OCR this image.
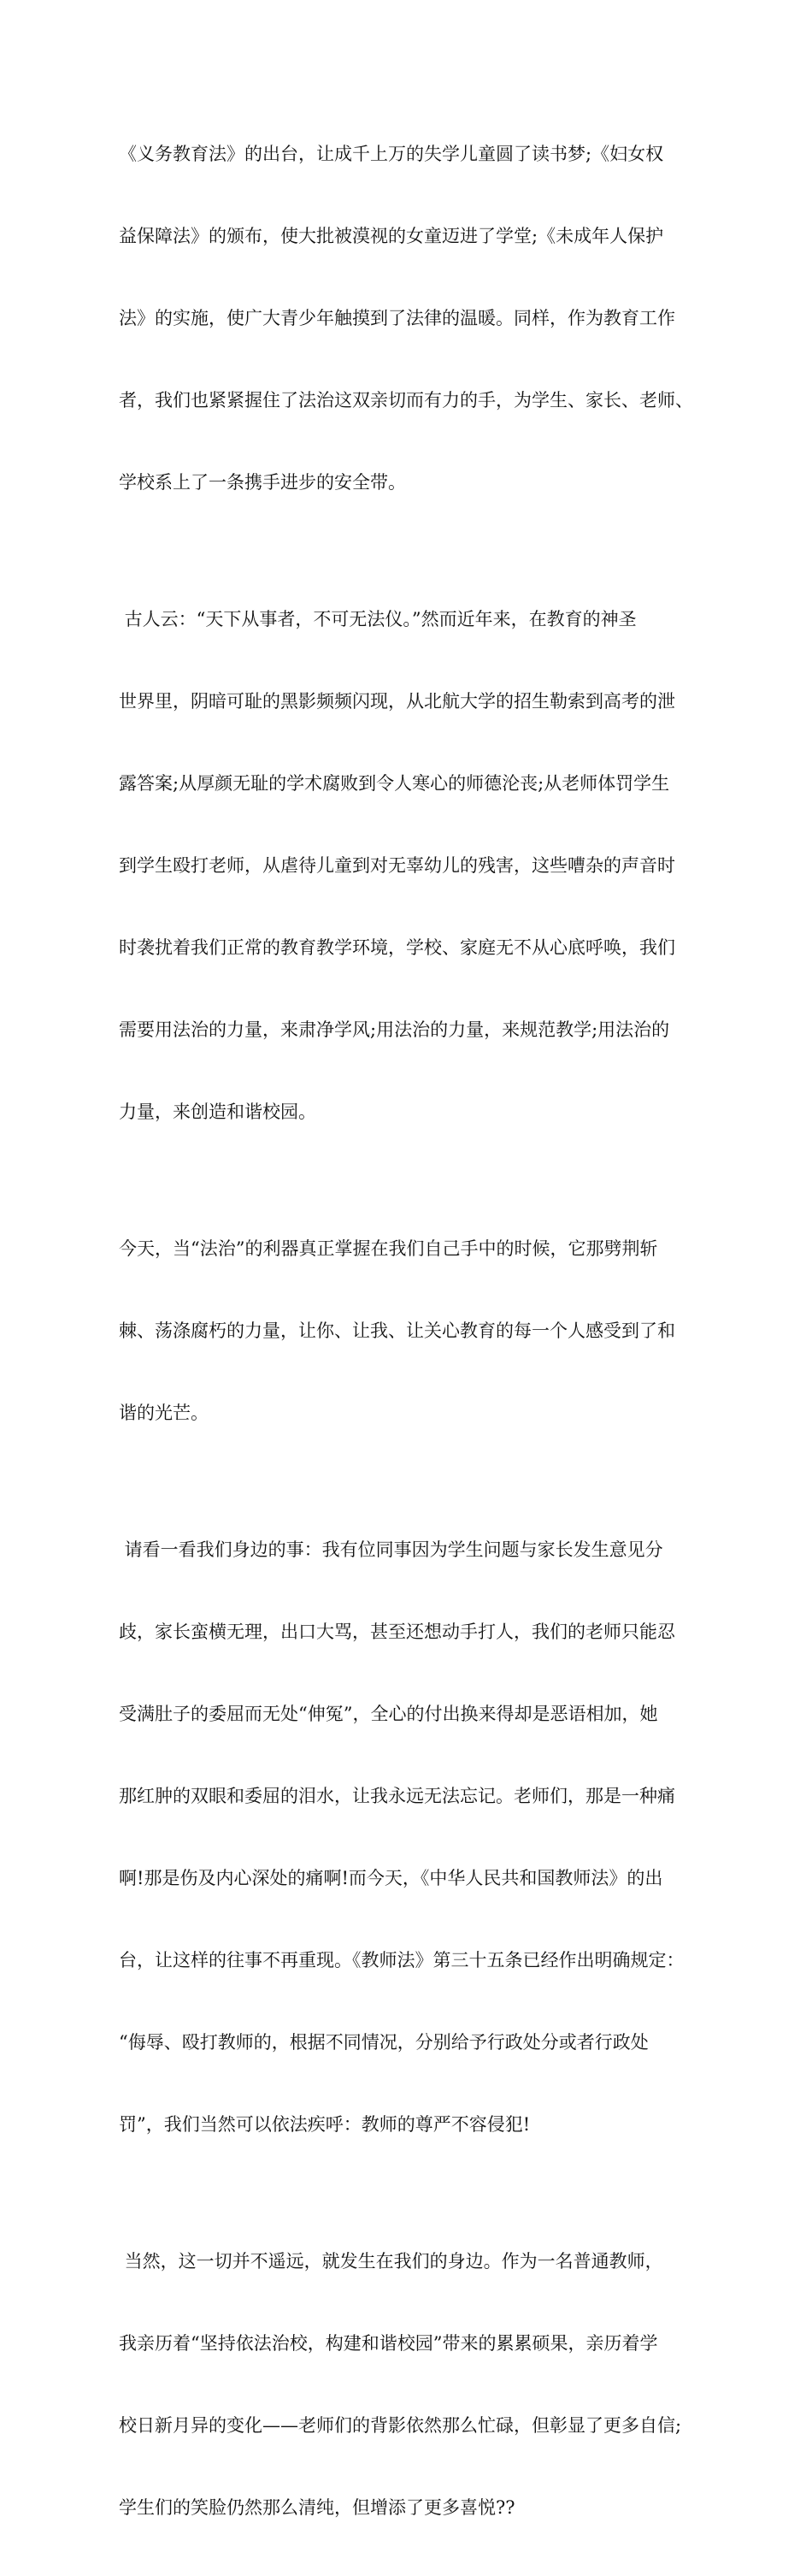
《义务教育法》的出台，让成千上万的失学儿童圆了读书梦;《妇女权

益保障法》的颁布，使大批被漠视的女童迈进了学堂;《未成年人保护

法》的实施，使广大青少年触摸到了法律的温暖。同样，作为教育工作

者，我们也紧紧握住了法治这双亲切而有力的手，为学生、家长、老师、

学校系上了一条携手进步的安全带。

古人云：“天下从事者，不可无法仪。”然而近年来，在教育的神圣

世界里，阴暗可耻的黑影频频闪现，从北航大学的招生勒索到高考的泄

露答案;从厚颜无耻的学术腐败到令人寒心的师德沦丧;从老师体罚学生

到学生殴打老师，从虐待儿童到对无辜幼儿的残害，这些嘈杂的声音时

时袭扰着我们正常的教育教学环境，学校、家庭无不从心底呼唤，我们

需要用法治的力量，来肃净学风;用法治的力量，来规范教学;用法治的

力量，来创造和谐校园。

今天，当“法治”的利器真正掌握在我们自己手中的时候，它那劈荆斩

棘、荡涤腐朽的力量，让你、让我、让关心教育的每一个人感受到了和

谐的光芒。

请看一看我们身边的事：我有位同事因为学生问题与家长发生意见分

歧，家长蛮横无理，出口大骂，甚至还想动手打人，我们的老师只能忍

受满肚子的委屈而无处“伸冤”，全心的付出换来得却是恶语相加，她

那红肿的双眼和委屈的泪水，让我永远无法忘记。老师们，那是一种痛

啊!那是伤及内心深处的痛啊!而今天，《中华人民共和国教师法》的出

台，让这样的往事不再重现。《教师法》第三十五条已经作出明确规定：

“侮辱、殴打教师的，根据不同情况，分别给予行政处分或者行政处

罚”，我们当然可以依法疾呼：教师的尊严不容侵犯!

当然，这一切并不遥远，就发生在我们的身边。作为一名普通教师，

我亲历着“坚持依法治校，构建和谐校园”带来的累累硕果，亲历着学

校日新月异的变化——老师们的背影依然那么忙碌，但彰显了更多自信;

学生们的笑脸仍然那么清纯，但增添了更多喜悦??
